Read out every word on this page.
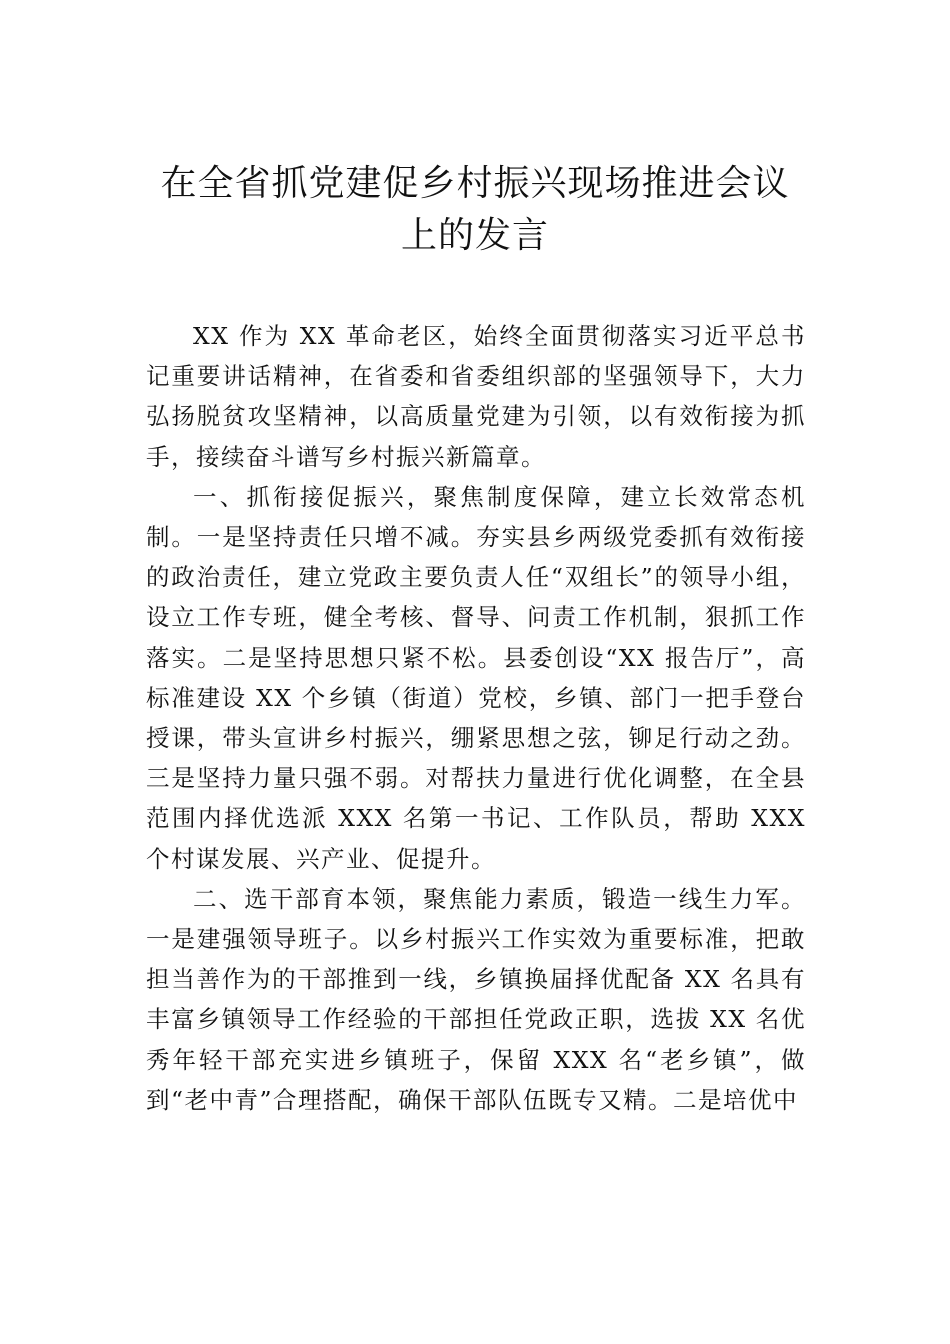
在全省抓党建促乡村振兴现场推进会议上的发言

XX 作为 XX 革命老区，始终全面贯彻落实习近平总书记重要讲话精神，在省委和省委组织部的坚强领导下，大力弘扬脱贫攻坚精神，以高质量党建为引领，以有效衔接为抓手，接续奋斗谱写乡村振兴新篇章。

一、抓衔接促振兴，聚焦制度保障，建立长效常态机制。一是坚持责任只增不减。夯实县乡两级党委抓有效衔接的政治责任，建立党政主要负责人任“双组长”的领导小组，设立工作专班，健全考核、督导、问责工作机制，狠抓工作落实。二是坚持思想只紧不松。县委创设“XX 报告厅”，高标准建设 XX 个乡镇（街道）党校，乡镇、部门一把手登台授课，带头宣讲乡村振兴，绷紧思想之弦，铆足行动之劲。三是坚持力量只强不弱。对帮扶力量进行优化调整，在全县范围内择优选派 XXX 名第一书记、工作队员，帮助 XXX 个村谋发展、兴产业、促提升。

二、选干部育本领，聚焦能力素质，锻造一线生力军。一是建强领导班子。以乡村振兴工作实效为重要标准，把敢担当善作为的干部推到一线，乡镇换届择优配备 XX 名具有丰富乡镇领导工作经验的干部担任党政正职，选拔 XX 名优秀年轻干部充实进乡镇班子，保留 XXX 名“老乡镇”，做到“老中青”合理搭配，确保干部队伍既专又精。二是培优中
